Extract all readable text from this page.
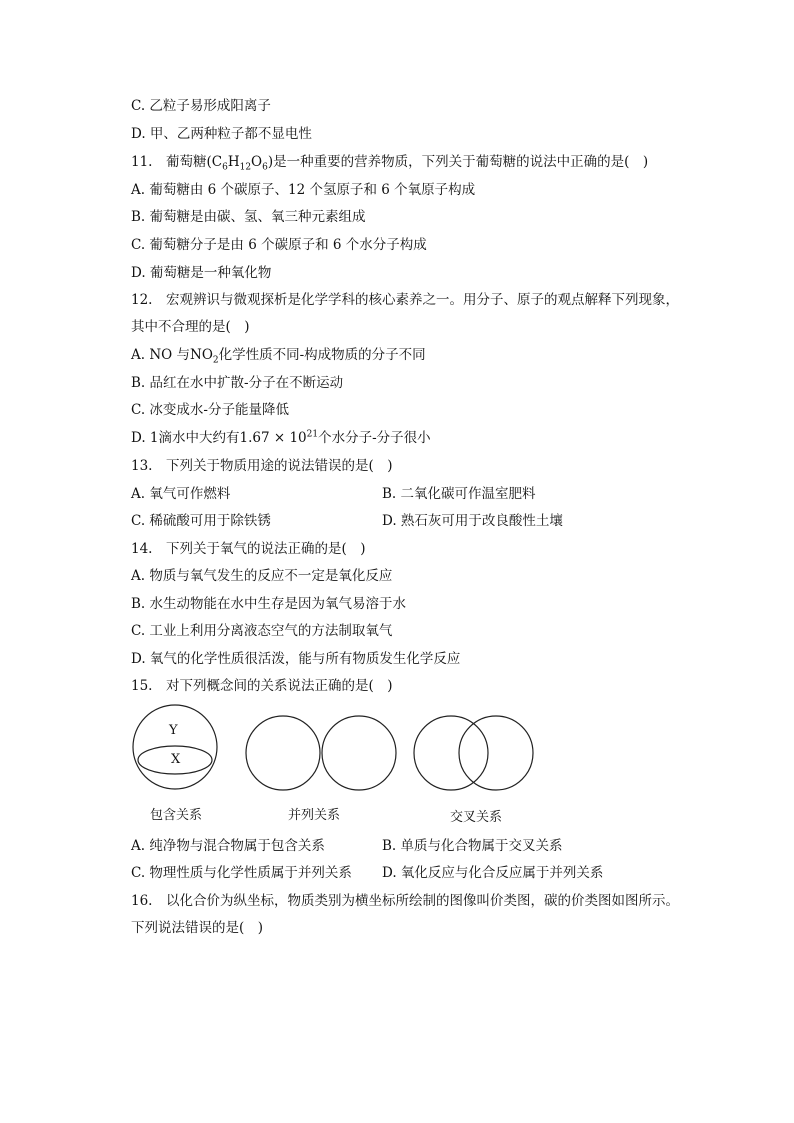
C. 乙粒子易形成阳离子
D. 甲、乙两种粒子都不显电性
11.　葡萄糖$(C_6H_{12}O_6)$是一种重要的营养物质，下列关于葡萄糖的说法中正确的是(　)
A. 葡萄糖由 6 个碳原子、12 个氢原子和 6 个氧原子构成
B. 葡萄糖是由碳、氢、氧三种元素组成
C. 葡萄糖分子是由 6 个碳原子和 6 个水分子构成
D. 葡萄糖是一种氧化物
12.　宏观辨识与微观探析是化学学科的核心素养之一。用分子、原子的观点解释下列现象，
其中不合理的是(　)
A. NO 与$NO_2$化学性质不同-构成物质的分子不同
B. 品红在水中扩散-分子在不断运动
C. 冰变成水-分子能量降低
D. 1滴水中大约有$1.67 \times 10^{21}$个水分子-分子很小
13.　下列关于物质用途的说法错误的是(　)
A. 氧气可作燃料	B. 二氧化碳可作温室肥料
C. 稀硫酸可用于除铁锈	D. 熟石灰可用于改良酸性土壤
14.　下列关于氧气的说法正确的是(　)
A. 物质与氧气发生的反应不一定是氧化反应
B. 水生动物能在水中生存是因为氧气易溶于水
C. 工业上利用分离液态空气的方法制取氧气
D. 氧气的化学性质很活泼，能与所有物质发生化学反应
15.　对下列概念间的关系说法正确的是(　)
Y
X
包含关系	并列关系	交叉关系
A. 纯净物与混合物属于包含关系	B. 单质与化合物属于交叉关系
C. 物理性质与化学性质属于并列关系 D. 氧化反应与化合反应属于并列关系
16.　以化合价为纵坐标，物质类别为横坐标所绘制的图像叫价类图，碳的价类图如图所示。
下列说法错误的是(　)
